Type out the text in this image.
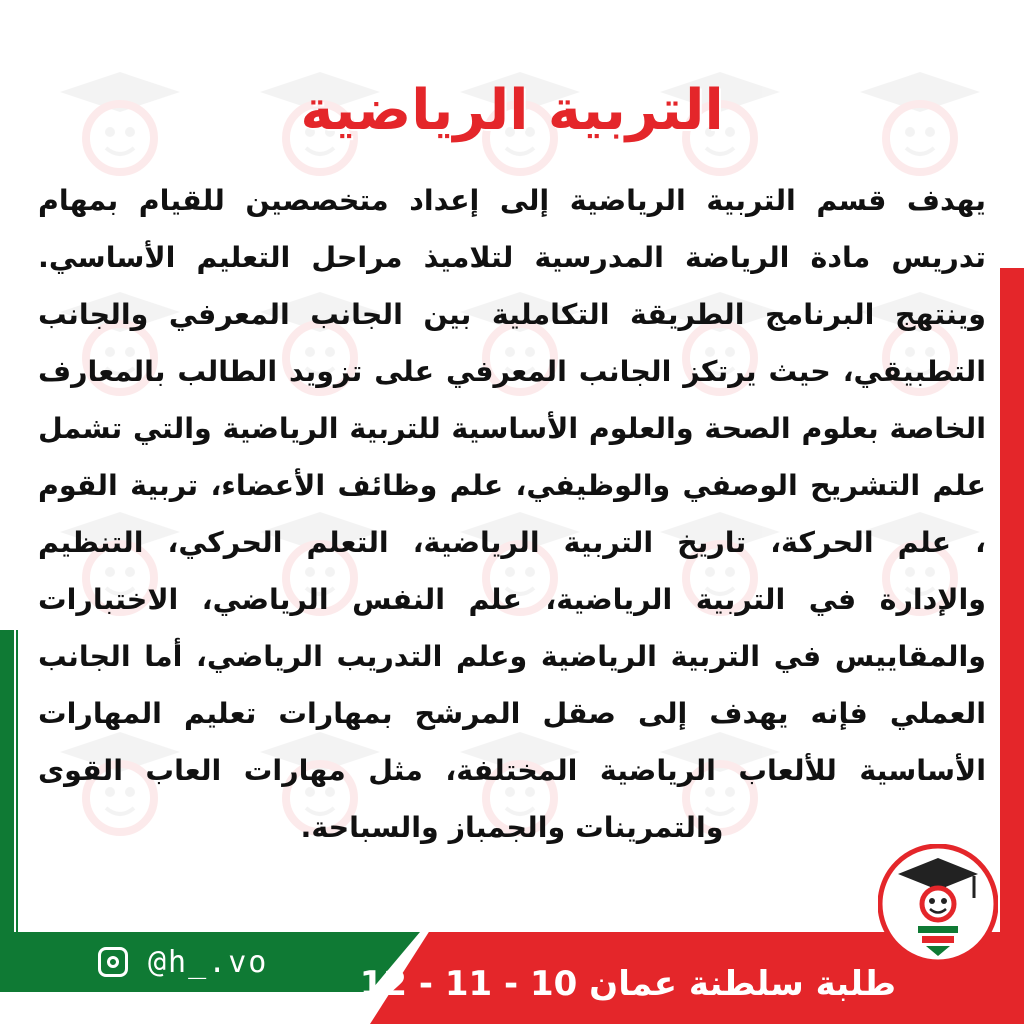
التربية الرياضية
يهدف قسم التربية الرياضية إلى إعداد متخصصين للقيام بمهام تدريس مادة الرياضة المدرسية لتلاميذ مراحل التعليم الأساسي. وينتهج البرنامج الطريقة التكاملية بين الجانب المعرفي والجانب التطبيقي، حيث يرتكز الجانب المعرفي على تزويد الطالب بالمعارف الخاصة بعلوم الصحة والعلوم الأساسية للتربية الرياضية والتي تشمل علم التشريح الوصفي والوظيفي، علم وظائف الأعضاء، تربية القوم ، علم الحركة، تاريخ التربية الرياضية، التعلم الحركي، التنظيم والإدارة في التربية الرياضية، علم النفس الرياضي، الاختبارات والمقاييس في التربية الرياضية وعلم التدريب الرياضي، أما الجانب العملي فإنه يهدف إلى صقل المرشح بمهارات تعليم المهارات الأساسية للألعاب الرياضية المختلفة، مثل مهارات العاب القوى والتمرينات والجمباز والسباحة.
@h_.vo
طلبة سلطنة عمان 10 - 11 - 12
